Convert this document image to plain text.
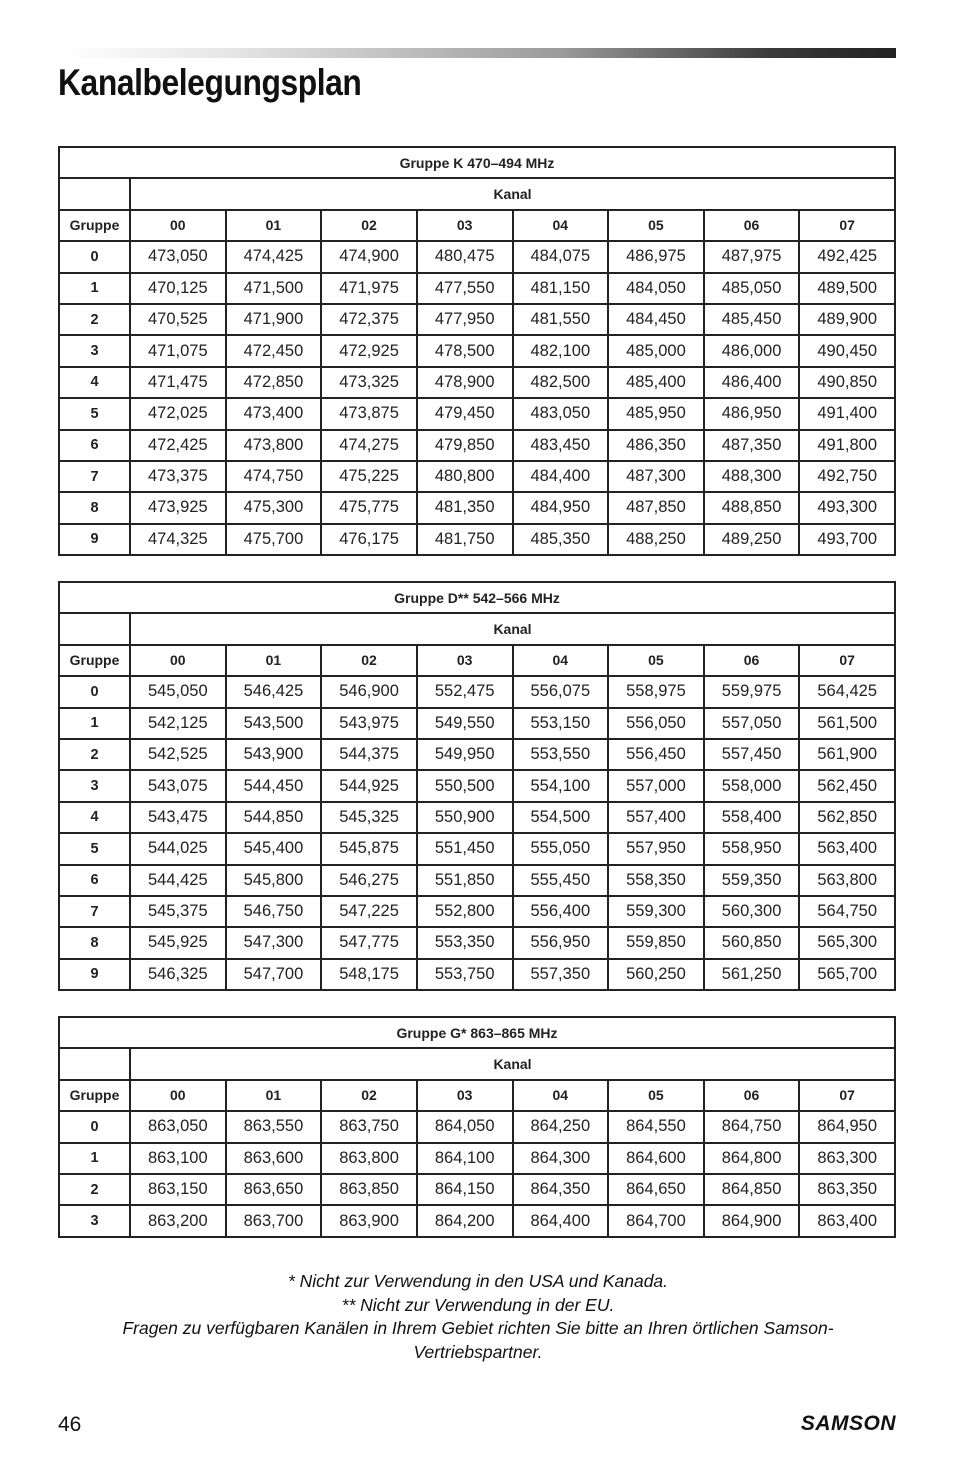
Kanalbelegungsplan
Gruppe K 470–494 MHz								
	Kanal							
Gruppe	00	01	02	03	04	05	06	07
0	473,050	474,425	474,900	480,475	484,075	486,975	487,975	492,425
1	470,125	471,500	471,975	477,550	481,150	484,050	485,050	489,500
2	470,525	471,900	472,375	477,950	481,550	484,450	485,450	489,900
3	471,075	472,450	472,925	478,500	482,100	485,000	486,000	490,450
4	471,475	472,850	473,325	478,900	482,500	485,400	486,400	490,850
5	472,025	473,400	473,875	479,450	483,050	485,950	486,950	491,400
6	472,425	473,800	474,275	479,850	483,450	486,350	487,350	491,800
7	473,375	474,750	475,225	480,800	484,400	487,300	488,300	492,750
8	473,925	475,300	475,775	481,350	484,950	487,850	488,850	493,300
9	474,325	475,700	476,175	481,750	485,350	488,250	489,250	493,700
Gruppe D** 542–566 MHz								
	Kanal							
Gruppe	00	01	02	03	04	05	06	07
0	545,050	546,425	546,900	552,475	556,075	558,975	559,975	564,425
1	542,125	543,500	543,975	549,550	553,150	556,050	557,050	561,500
2	542,525	543,900	544,375	549,950	553,550	556,450	557,450	561,900
3	543,075	544,450	544,925	550,500	554,100	557,000	558,000	562,450
4	543,475	544,850	545,325	550,900	554,500	557,400	558,400	562,850
5	544,025	545,400	545,875	551,450	555,050	557,950	558,950	563,400
6	544,425	545,800	546,275	551,850	555,450	558,350	559,350	563,800
7	545,375	546,750	547,225	552,800	556,400	559,300	560,300	564,750
8	545,925	547,300	547,775	553,350	556,950	559,850	560,850	565,300
9	546,325	547,700	548,175	553,750	557,350	560,250	561,250	565,700
Gruppe G* 863–865 MHz								
	Kanal							
Gruppe	00	01	02	03	04	05	06	07
0	863,050	863,550	863,750	864,050	864,250	864,550	864,750	864,950
1	863,100	863,600	863,800	864,100	864,300	864,600	864,800	863,300
2	863,150	863,650	863,850	864,150	864,350	864,650	864,850	863,350
3	863,200	863,700	863,900	864,200	864,400	864,700	864,900	863,400
* Nicht zur Verwendung in den USA und Kanada.
** Nicht zur Verwendung in der EU.
Fragen zu verfügbaren Kanälen in Ihrem Gebiet richten Sie bitte an Ihren örtlichen Samson-Vertriebspartner.
46	SAMSON
